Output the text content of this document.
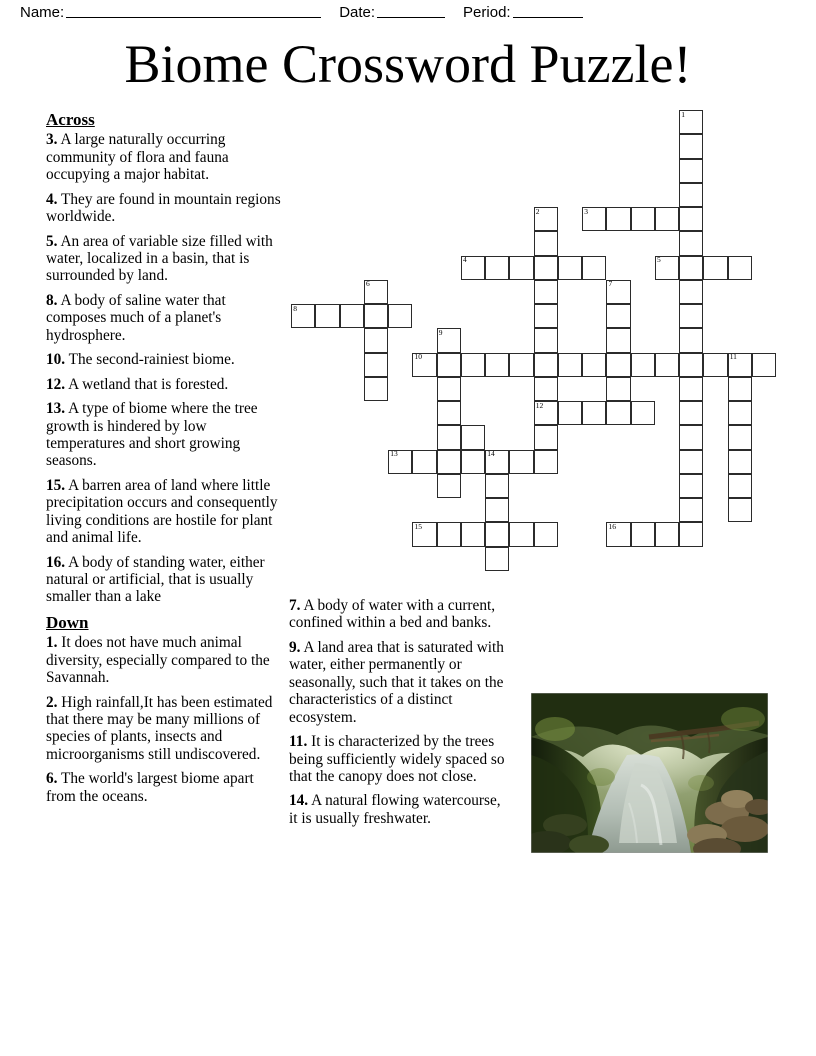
Name:	Date:	Period:
Biome Crossword Puzzle!
Across

3. A large naturally occurring community of flora and fauna occupying a major habitat.

4. They are found in mountain regions worldwide.

5. An area of variable size filled with water, localized in a basin, that is surrounded by land.

8. A body of saline water that composes much of a planet's hydrosphere.

10. The second-rainiest biome.

12. A wetland that is forested.

13. A type of biome where the tree growth is hindered by low temperatures and short growing seasons.

15. A barren area of land where little precipitation occurs and consequently living conditions are hostile for plant and animal life.

16. A body of standing water, either natural or artificial, that is usually smaller than a lake

Down

1. It does not have much animal diversity, especially compared to the Savannah.

2. High rainfall,It has been estimated that there may be many millions of species of plants, insects and microorganisms still undiscovered.

6. The world's largest biome apart from the oceans.

7. A body of water with a current, confined within a bed and banks.

9. A land area that is saturated with water, either permanently or seasonally, such that it takes on the characteristics of a distinct ecosystem.

11. It is characterized by the trees being sufficiently widely spaced so that the canopy does not close.

14. A natural flowing watercourse, it is usually freshwater.

1
2	3
4	5
6	7
8
9
10	11
12
13	14
15	16
